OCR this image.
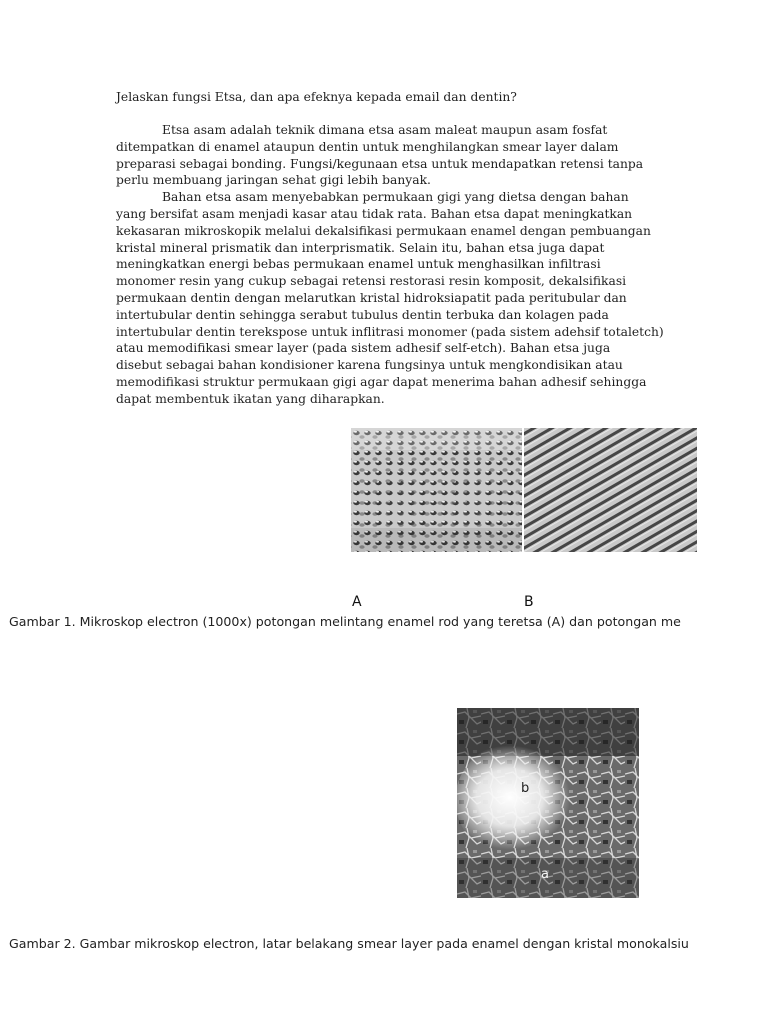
Jelaskan fungsi Etsa, dan apa efeknya kepada email dan dentin?
Etsa asam adalah teknik dimana etsa asam maleat maupun asam fosfat
ditempatkan di enamel ataupun dentin untuk menghilangkan smear layer dalam
preparasi sebagai bonding. Fungsi/kegunaan etsa untuk mendapatkan retensi tanpa
perlu membuang jaringan sehat gigi lebih banyak.
Bahan etsa asam menyebabkan permukaan gigi yang dietsa dengan bahan
yang bersifat asam menjadi kasar atau tidak rata. Bahan etsa dapat meningkatkan
kekasaran mikroskopik melalui dekalsifikasi permukaan enamel dengan pembuangan
kristal mineral prismatik dan interprismatik. Selain itu, bahan etsa juga dapat
meningkatkan energi bebas permukaan enamel untuk menghasilkan infiltrasi
monomer resin yang cukup sebagai retensi restorasi resin komposit, dekalsifikasi
permukaan dentin dengan melarutkan kristal hidroksiapatit pada peritubular dan
intertubular dentin sehingga serabut tubulus dentin terbuka dan kolagen pada
intertubular dentin terekspose untuk inflitrasi monomer (pada sistem adehsif totaletch)
atau memodifikasi smear layer (pada sistem adhesif self-etch). Bahan etsa juga
disebut sebagai bahan kondisioner karena fungsinya untuk mengkondisikan atau
memodifikasi struktur permukaan gigi agar dapat menerima bahan adhesif sehingga
dapat membentuk ikatan yang diharapkan.
A	B
Gambar 1. Mikroskop electron (1000x) potongan melintang enamel rod yang teretsa (A) dan potongan me
b
a
Gambar 2. Gambar mikroskop electron, latar belakang smear layer pada enamel dengan kristal monokalsiu
